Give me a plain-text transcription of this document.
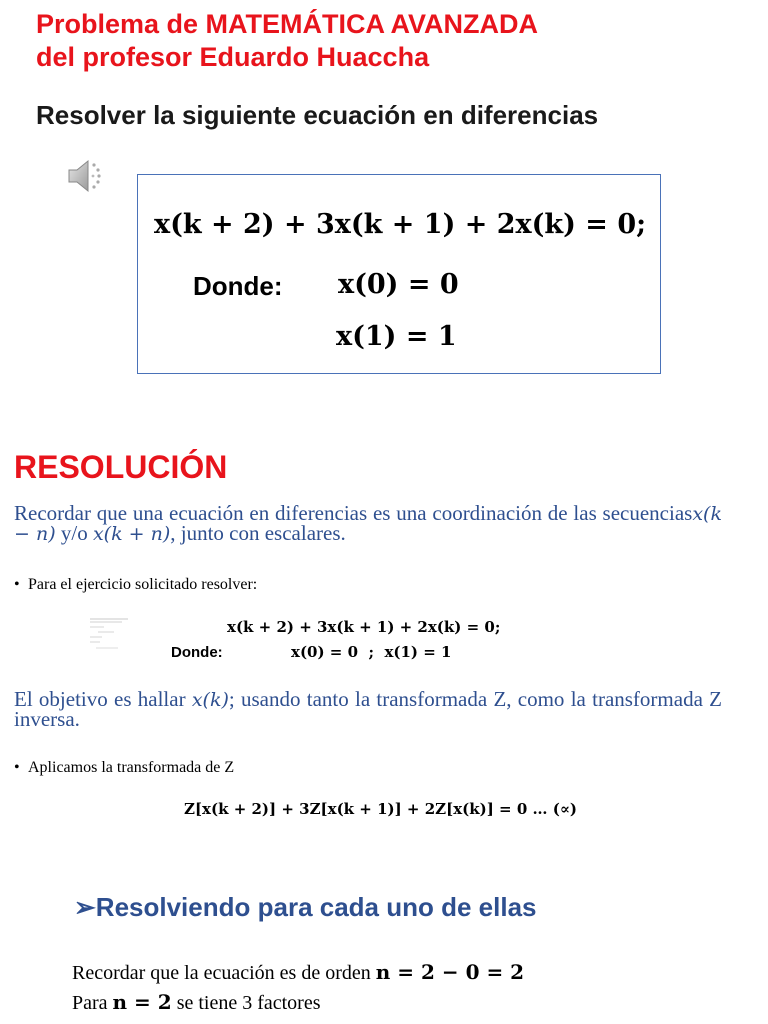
Problema de MATEMÁTICA AVANZADA
del profesor Eduardo Huaccha
Resolver la siguiente ecuación en diferencias
x(k + 2) + 3x(k + 1) + 2x(k) = 0;
Donde: x(0) = 0
x(1) = 1
RESOLUCIÓN
Recordar que una ecuación en diferencias es una coordinación de las secuenciasx(k − n) y/o x(k + n), junto con escalares.
• Para el ejercicio solicitado resolver:
x(k + 2) + 3x(k + 1) + 2x(k) = 0;
Donde:	x(0) = 0  ;  x(1) = 1
El objetivo es hallar x(k); usando tanto la transformada Z, como la transformada Z inversa.
• Aplicamos la transformada de Z
Z[x(k + 2)] + 3Z[x(k + 1)] + 2Z[x(k)] = 0 … (∝)
➢Resolviendo para cada uno de ellas
Recordar que la ecuación es de orden n = 2 − 0 = 2
Para n = 2 se tiene 3 factores
